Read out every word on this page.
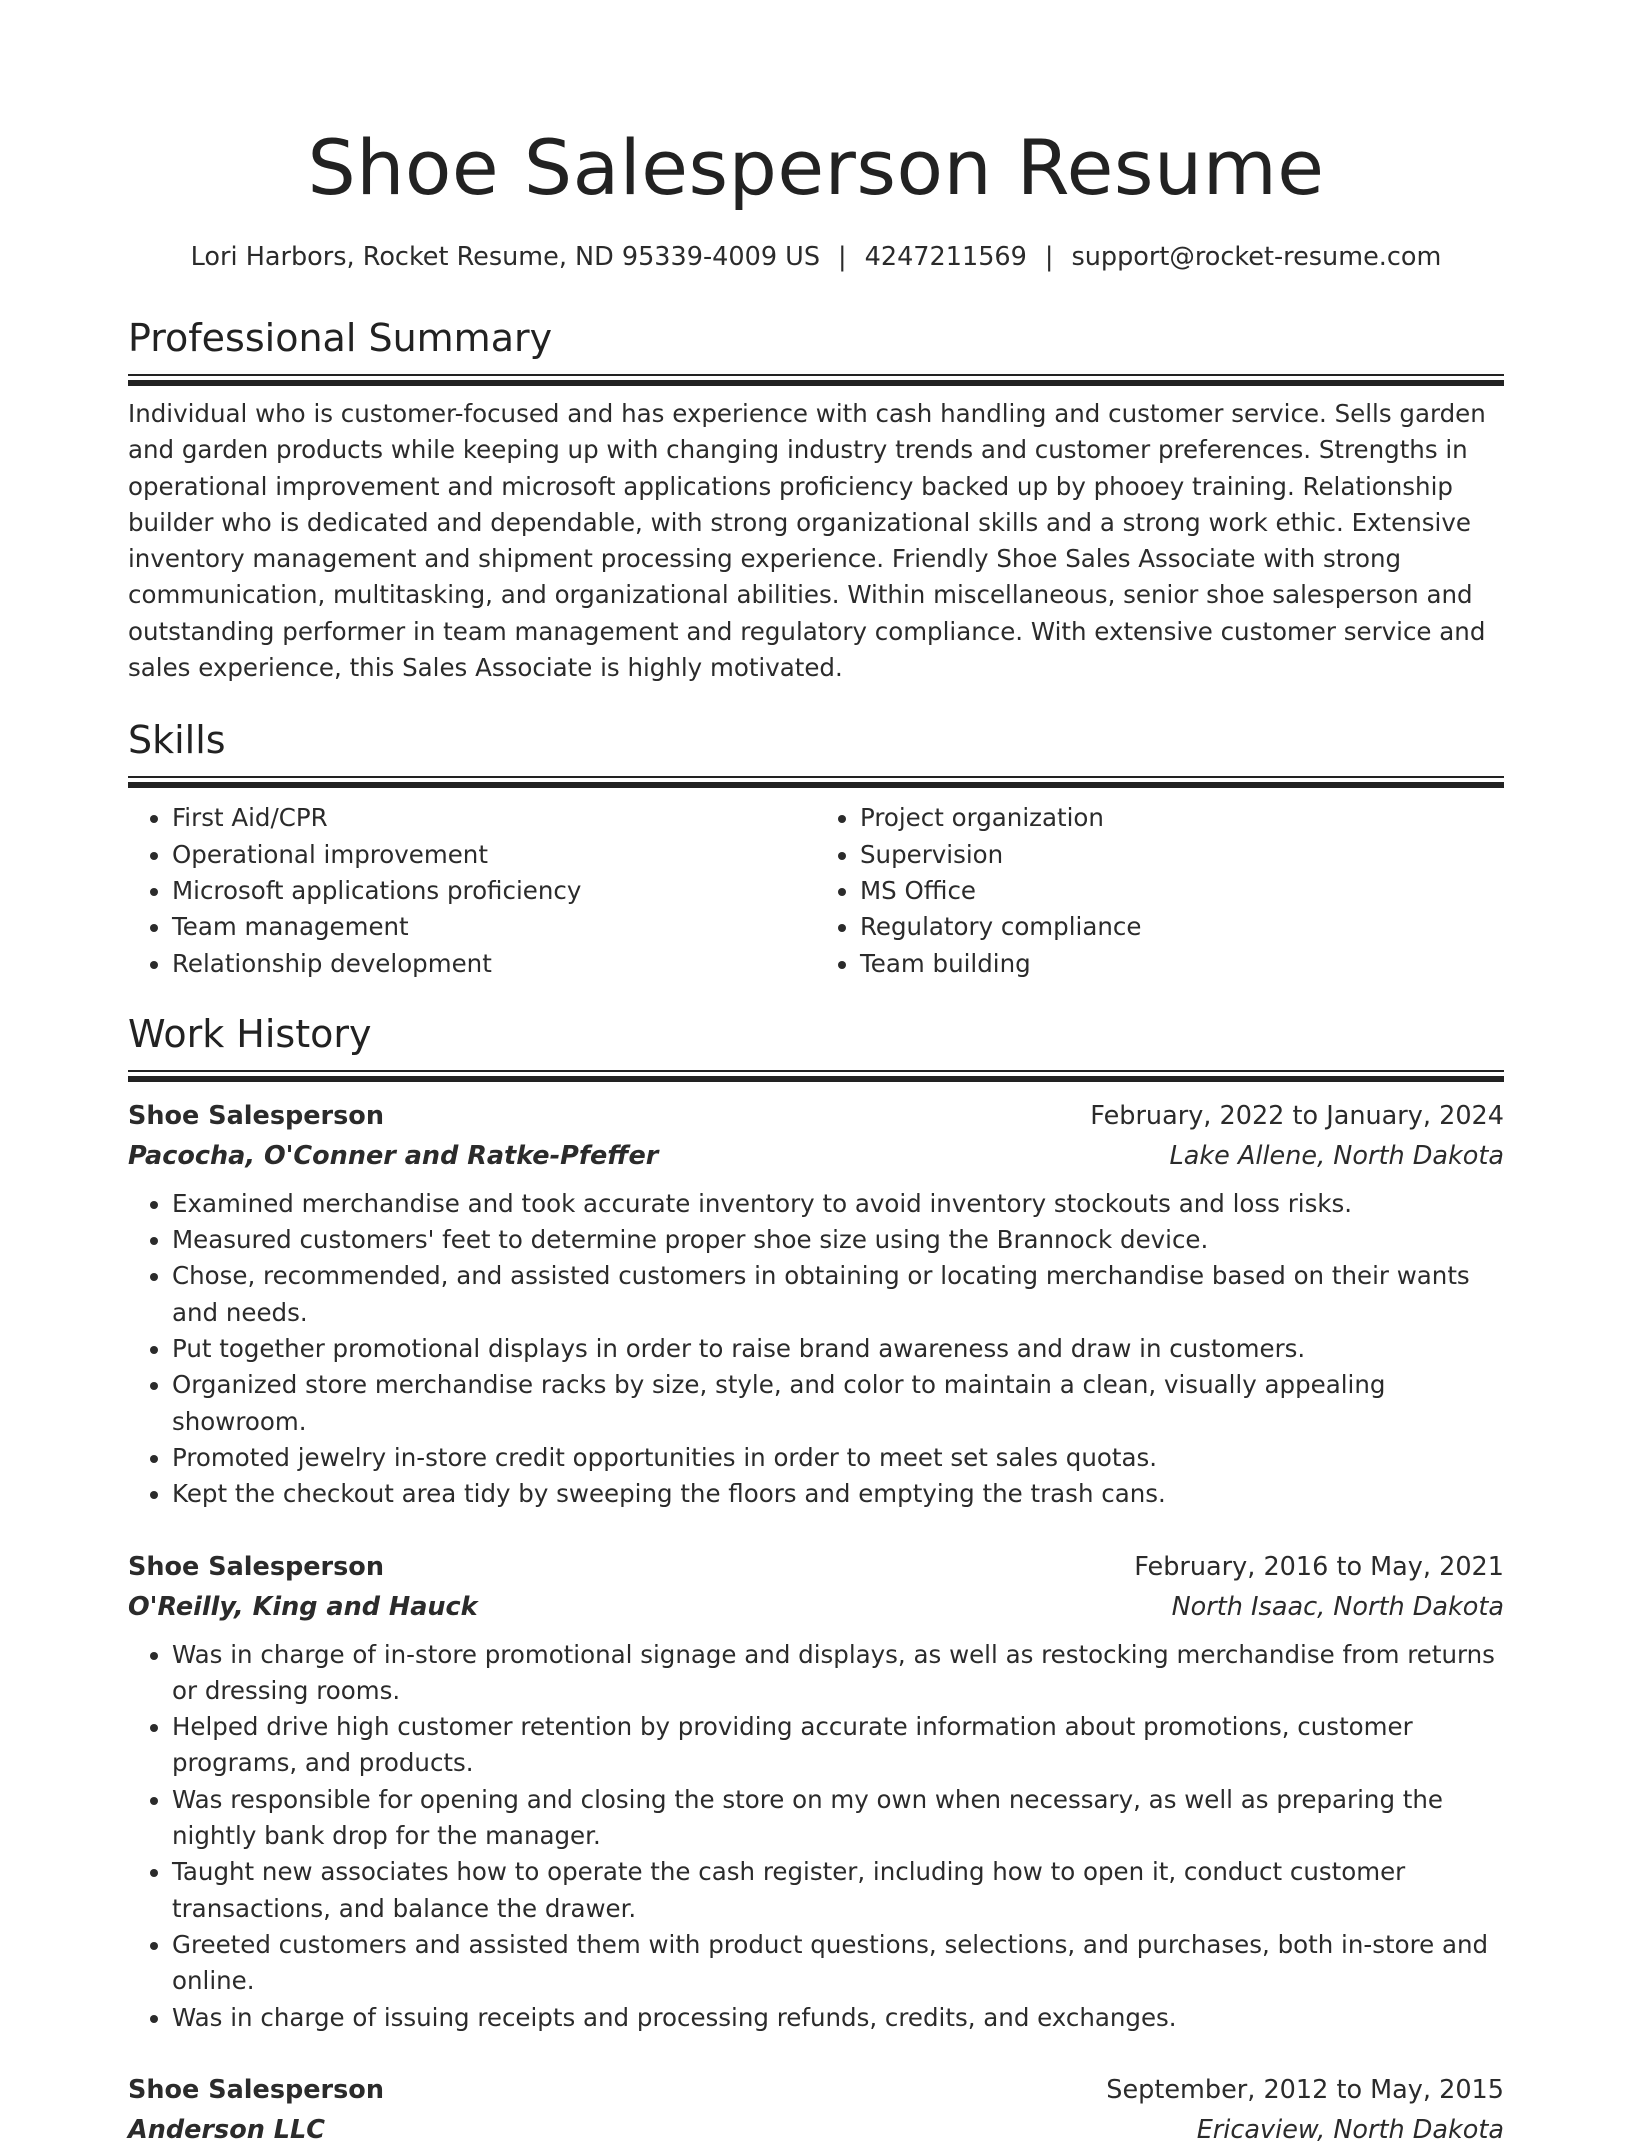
Shoe Salesperson Resume
Lori Harbors, Rocket Resume, ND 95339-4009 US | 4247211569 | support@rocket-resume.com
Professional Summary
Individual who is customer-focused and has experience with cash handling and customer service. Sells garden and garden products while keeping up with changing industry trends and customer preferences. Strengths in operational improvement and microsoft applications proficiency backed up by phooey training. Relationship builder who is dedicated and dependable, with strong organizational skills and a strong work ethic. Extensive inventory management and shipment processing experience. Friendly Shoe Sales Associate with strong communication, multitasking, and organizational abilities. Within miscellaneous, senior shoe salesperson and outstanding performer in team management and regulatory compliance. With extensive customer service and sales experience, this Sales Associate is highly motivated.
Skills
• First Aid/CPR
• Operational improvement
• Microsoft applications proficiency
• Team management
• Relationship development
• Project organization
• Supervision
• MS Office
• Regulatory compliance
• Team building
Work History
Shoe Salesperson	February, 2022 to January, 2024
Pacocha, O'Conner and Ratke-Pfeffer	Lake Allene, North Dakota
• Examined merchandise and took accurate inventory to avoid inventory stockouts and loss risks.
• Measured customers' feet to determine proper shoe size using the Brannock device.
• Chose, recommended, and assisted customers in obtaining or locating merchandise based on their wants and needs.
• Put together promotional displays in order to raise brand awareness and draw in customers.
• Organized store merchandise racks by size, style, and color to maintain a clean, visually appealing showroom.
• Promoted jewelry in-store credit opportunities in order to meet set sales quotas.
• Kept the checkout area tidy by sweeping the floors and emptying the trash cans.
Shoe Salesperson	February, 2016 to May, 2021
O'Reilly, King and Hauck	North Isaac, North Dakota
• Was in charge of in-store promotional signage and displays, as well as restocking merchandise from returns or dressing rooms.
• Helped drive high customer retention by providing accurate information about promotions, customer programs, and products.
• Was responsible for opening and closing the store on my own when necessary, as well as preparing the nightly bank drop for the manager.
• Taught new associates how to operate the cash register, including how to open it, conduct customer transactions, and balance the drawer.
• Greeted customers and assisted them with product questions, selections, and purchases, both in-store and online.
• Was in charge of issuing receipts and processing refunds, credits, and exchanges.
Shoe Salesperson	September, 2012 to May, 2015
Anderson LLC	Ericaview, North Dakota
